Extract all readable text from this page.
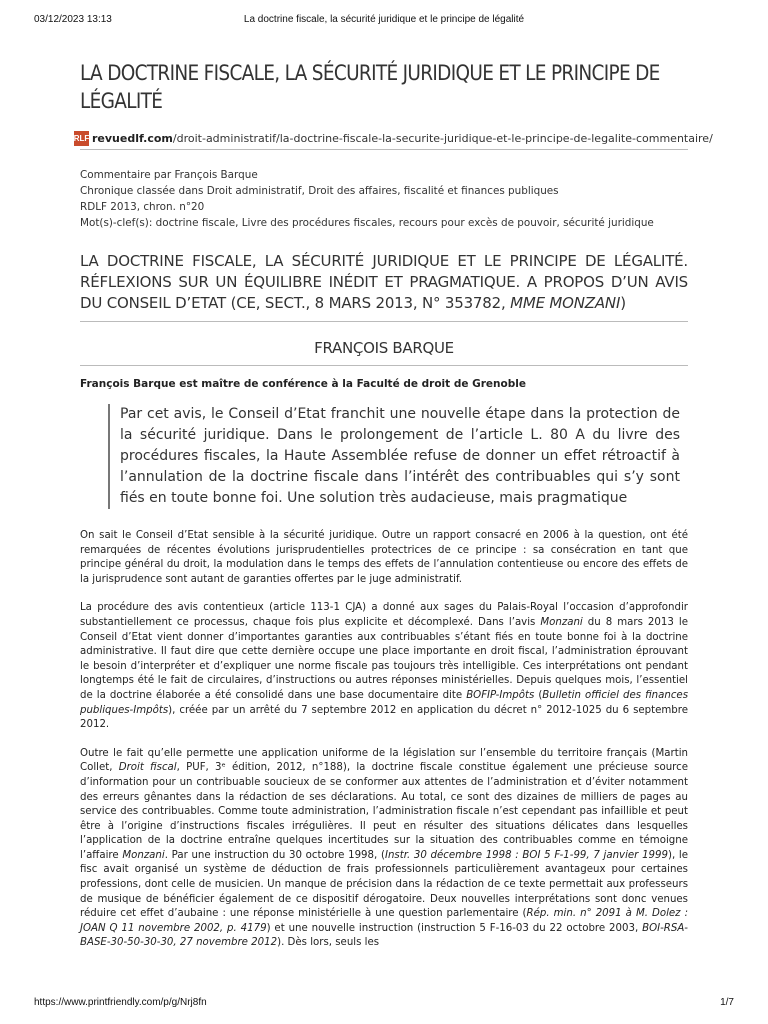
03/12/2023 13:13	La doctrine fiscale, la sécurité juridique et le principe de légalité
LA DOCTRINE FISCALE, LA SÉCURITÉ JURIDIQUE ET LE PRINCIPE DE LÉGALITÉ
RLF revuedlf.com /droit-administratif/la-doctrine-fiscale-la-securite-juridique-et-le-principe-de-legalite-commentaire/
Commentaire par François Barque
Chronique classée dans Droit administratif, Droit des affaires, fiscalité et finances publiques
RDLF 2013, chron. n°20
Mot(s)-clef(s): doctrine fiscale, Livre des procédures fiscales, recours pour excès de pouvoir, sécurité juridique
LA DOCTRINE FISCALE, LA SÉCURITÉ JURIDIQUE ET LE PRINCIPE DE LÉGALITÉ. RÉFLEXIONS SUR UN ÉQUILIBRE INÉDIT ET PRAGMATIQUE. A PROPOS D’UN AVIS DU CONSEIL D’ETAT (CE, SECT., 8 MARS 2013, N° 353782, MME MONZANI)
FRANÇOIS BARQUE
François Barque est maître de conférence à la Faculté de droit de Grenoble
Par cet avis, le Conseil d’Etat franchit une nouvelle étape dans la protection de la sécurité juridique. Dans le prolongement de l’article L. 80 A du livre des procédures fiscales, la Haute Assemblée refuse de donner un effet rétroactif à l’annulation de la doctrine fiscale dans l’intérêt des contribuables qui s’y sont fiés en toute bonne foi. Une solution très audacieuse, mais pragmatique

On sait le Conseil d’Etat sensible à la sécurité juridique. Outre un rapport consacré en 2006 à la question, ont été remarquées de récentes évolutions jurisprudentielles protectrices de ce principe : sa consécration en tant que principe général du droit, la modulation dans le temps des effets de l’annulation contentieuse ou encore des effets de la jurisprudence sont autant de garanties offertes par le juge administratif.

La procédure des avis contentieux (article 113-1 CJA) a donné aux sages du Palais-Royal l’occasion d’approfondir substantiellement ce processus, chaque fois plus explicite et décomplexé. Dans l’avis Monzani du 8 mars 2013 le Conseil d’Etat vient donner d’importantes garanties aux contribuables s’étant fiés en toute bonne foi à la doctrine administrative. Il faut dire que cette dernière occupe une place importante en droit fiscal, l’administration éprouvant le besoin d’interpréter et d’expliquer une norme fiscale pas toujours très intelligible. Ces interprétations ont pendant longtemps été le fait de circulaires, d’instructions ou autres réponses ministérielles. Depuis quelques mois, l’essentiel de la doctrine élaborée a été consolidé dans une base documentaire dite BOFIP-Impôts (Bulletin officiel des finances publiques-Impôts), créée par un arrêté du 7 septembre 2012 en application du décret n° 2012-1025 du 6 septembre 2012.

Outre le fait qu’elle permette une application uniforme de la législation sur l’ensemble du territoire français (Martin Collet, Droit fiscal, PUF, 3ᵉ édition, 2012, n°188), la doctrine fiscale constitue également une précieuse source d’information pour un contribuable soucieux de se conformer aux attentes de l’administration et d’éviter notamment des erreurs gênantes dans la rédaction de ses déclarations. Au total, ce sont des dizaines de milliers de pages au service des contribuables. Comme toute administration, l’administration fiscale n’est cependant pas infaillible et peut être à l’origine d’instructions fiscales irrégulières. Il peut en résulter des situations délicates dans lesquelles l’application de la doctrine entraîne quelques incertitudes sur la situation des contribuables comme en témoigne l’affaire Monzani. Par une instruction du 30 octobre 1998, (Instr. 30 décembre 1998 : BOI 5 F-1-99, 7 janvier 1999), le fisc avait organisé un système de déduction de frais professionnels particulièrement avantageux pour certaines professions, dont celle de musicien. Un manque de précision dans la rédaction de ce texte permettait aux professeurs de musique de bénéficier également de ce dispositif dérogatoire. Deux nouvelles interprétations sont donc venues réduire cet effet d’aubaine : une réponse ministérielle à une question parlementaire (Rép. min. n° 2091 à M. Dolez : JOAN Q 11 novembre 2002, p. 4179) et une nouvelle instruction (instruction 5 F-16-03 du 22 octobre 2003, BOI-RSA-BASE-30-50-30-30, 27 novembre 2012). Dès lors, seuls les

https://www.printfriendly.com/p/g/Nrj8fn	1/7
